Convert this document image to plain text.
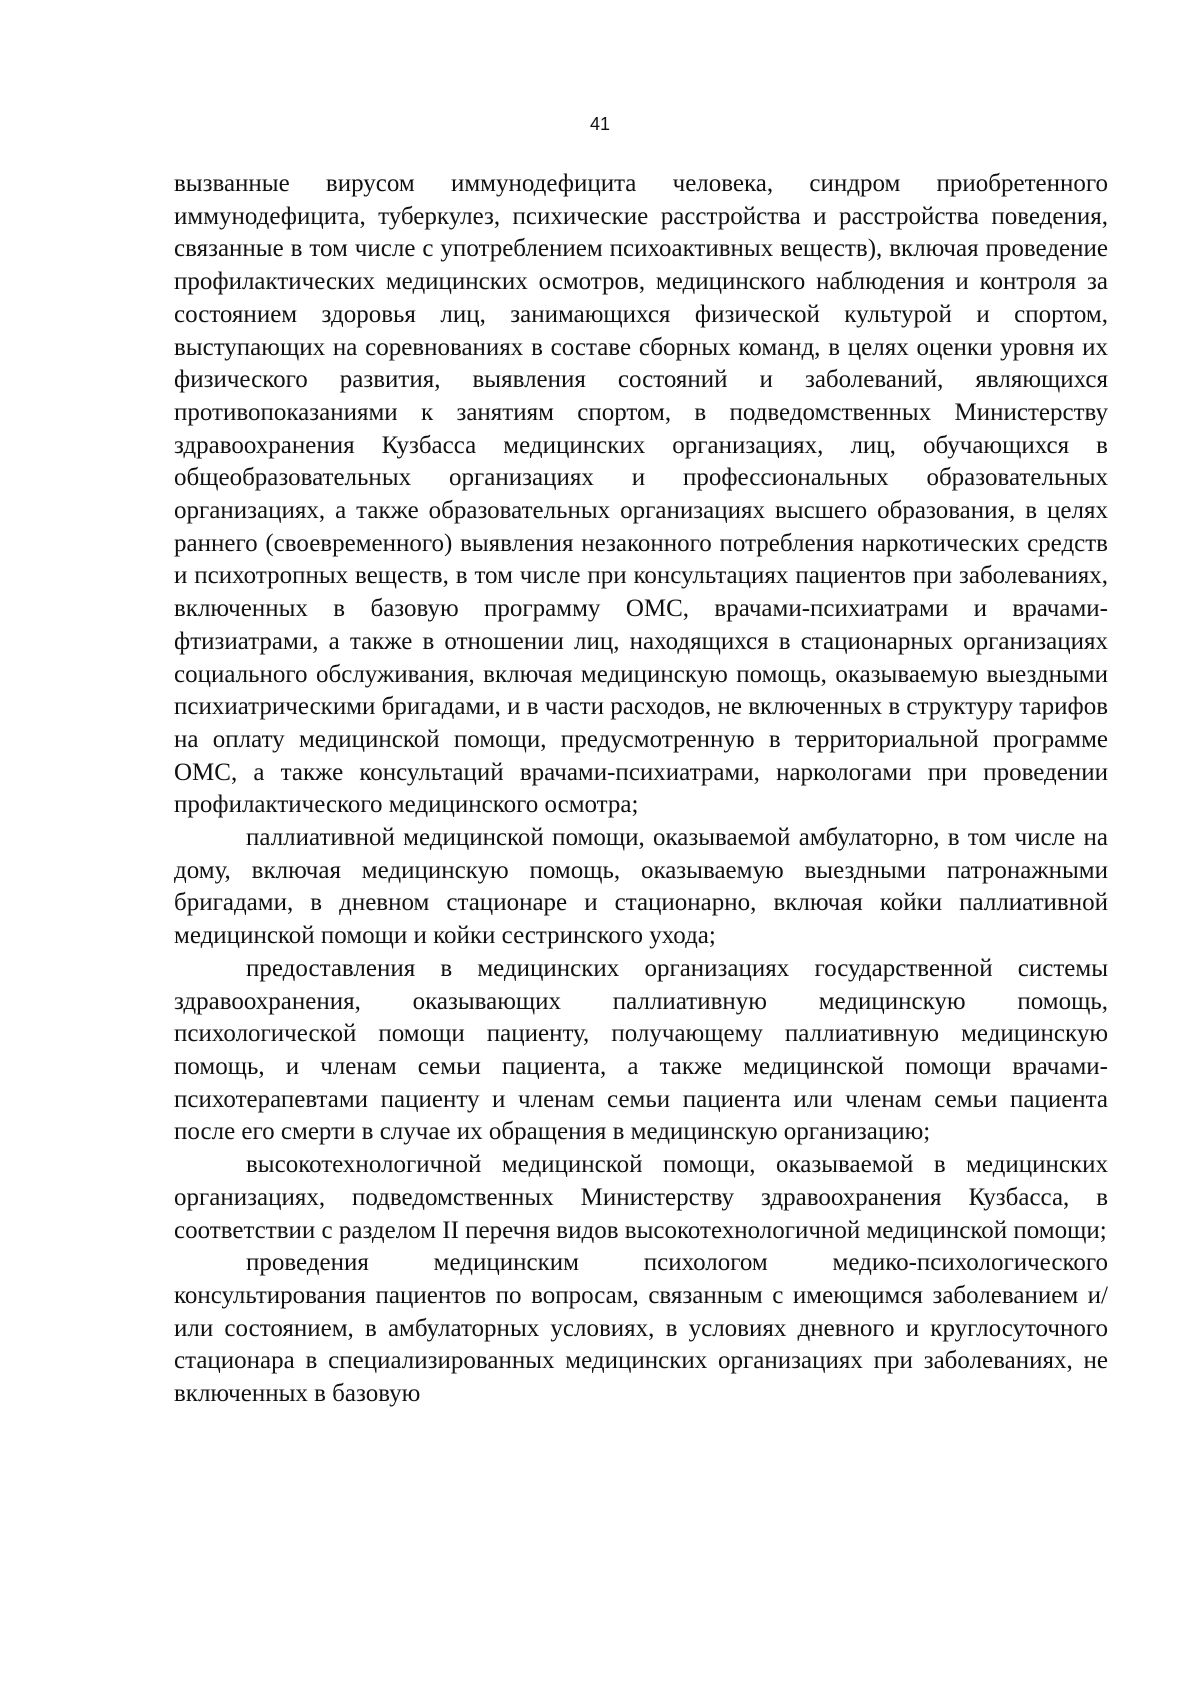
41

вызванные вирусом иммунодефицита человека, синдром приобретенного иммунодефицита, туберкулез, психические расстройства и расстройства поведения, связанные в том числе с употреблением психоактивных веществ), включая проведение профилактических медицинских осмотров, медицинского наблюдения и контроля за состоянием здоровья лиц, занимающихся физической культурой и спортом, выступающих на соревнованиях в составе сборных команд, в целях оценки уровня их физического развития, выявления состояний и заболеваний, являющихся противопоказаниями к занятиям спортом, в подведомственных Министерству здравоохранения Кузбасса медицинских организациях, лиц, обучающихся в общеобразовательных организациях и профессиональных образовательных организациях, а также образовательных организациях высшего образования, в целях раннего (своевременного) выявления незаконного потребления наркотических средств и психотропных веществ, в том числе при консультациях пациентов при заболеваниях, включенных в базовую программу ОМС, врачами-психиатрами и врачами-фтизиатрами, а также в отношении лиц, находящихся в стационарных организациях социального обслуживания, включая медицинскую помощь, оказываемую выездными психиатрическими бригадами, и в части расходов, не включенных в структуру тарифов на оплату медицинской помощи, предусмотренную в территориальной программе ОМС, а также консультаций врачами-психиатрами, наркологами при проведении профилактического медицинского осмотра;

паллиативной медицинской помощи, оказываемой амбулаторно, в том числе на дому, включая медицинскую помощь, оказываемую выездными патронажными бригадами, в дневном стационаре и стационарно, включая койки паллиативной медицинской помощи и койки сестринского ухода;

предоставления в медицинских организациях государственной системы здравоохранения, оказывающих паллиативную медицинскую помощь, психологической помощи пациенту, получающему паллиативную медицинскую помощь, и членам семьи пациента, а также медицинской помощи врачами-психотерапевтами пациенту и членам семьи пациента или членам семьи пациента после его смерти в случае их обращения в медицинскую организацию;

высокотехнологичной медицинской помощи, оказываемой в медицинских организациях, подведомственных Министерству здравоохранения Кузбасса, в соответствии с разделом II перечня видов высокотехнологичной медицинской помощи;

проведения медицинским психологом медико-психологического консультирования пациентов по вопросам, связанным с имеющимся заболеванием и/или состоянием, в амбулаторных условиях, в условиях дневного и круглосуточного стационара в специализированных медицинских организациях при заболеваниях, не включенных в базовую
